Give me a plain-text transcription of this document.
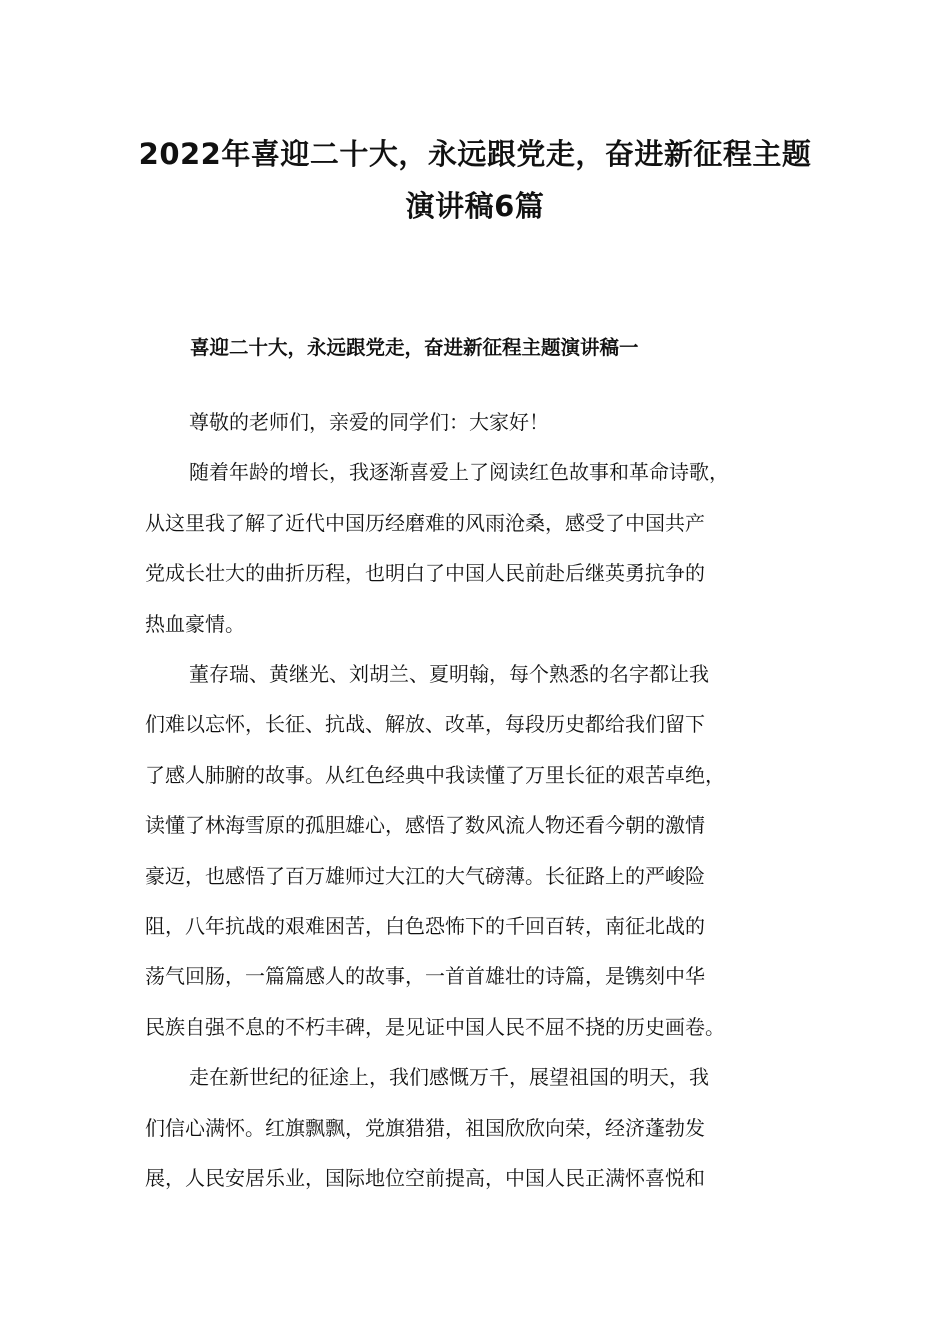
2022年喜迎二十大，永远跟党走，奋进新征程主题
演讲稿6篇
喜迎二十大，永远跟党走，奋进新征程主题演讲稿一

尊敬的老师们，亲爱的同学们：大家好！

随着年龄的增长，我逐渐喜爱上了阅读红色故事和革命诗歌，
从这里我了解了近代中国历经磨难的风雨沧桑，感受了中国共产
党成长壮大的曲折历程，也明白了中国人民前赴后继英勇抗争的
热血豪情。

董存瑞、黄继光、刘胡兰、夏明翰，每个熟悉的名字都让我
们难以忘怀，长征、抗战、解放、改革，每段历史都给我们留下
了感人肺腑的故事。从红色经典中我读懂了万里长征的艰苦卓绝，
读懂了林海雪原的孤胆雄心，感悟了数风流人物还看今朝的激情
豪迈，也感悟了百万雄师过大江的大气磅薄。长征路上的严峻险
阻，八年抗战的艰难困苦，白色恐怖下的千回百转，南征北战的
荡气回肠，一篇篇感人的故事，一首首雄壮的诗篇，是镌刻中华
民族自强不息的不朽丰碑，是见证中国人民不屈不挠的历史画卷。

走在新世纪的征途上，我们感慨万千，展望祖国的明天，我
们信心满怀。红旗飘飘，党旗猎猎，祖国欣欣向荣，经济蓬勃发
展，人民安居乐业，国际地位空前提高，中国人民正满怀喜悦和
